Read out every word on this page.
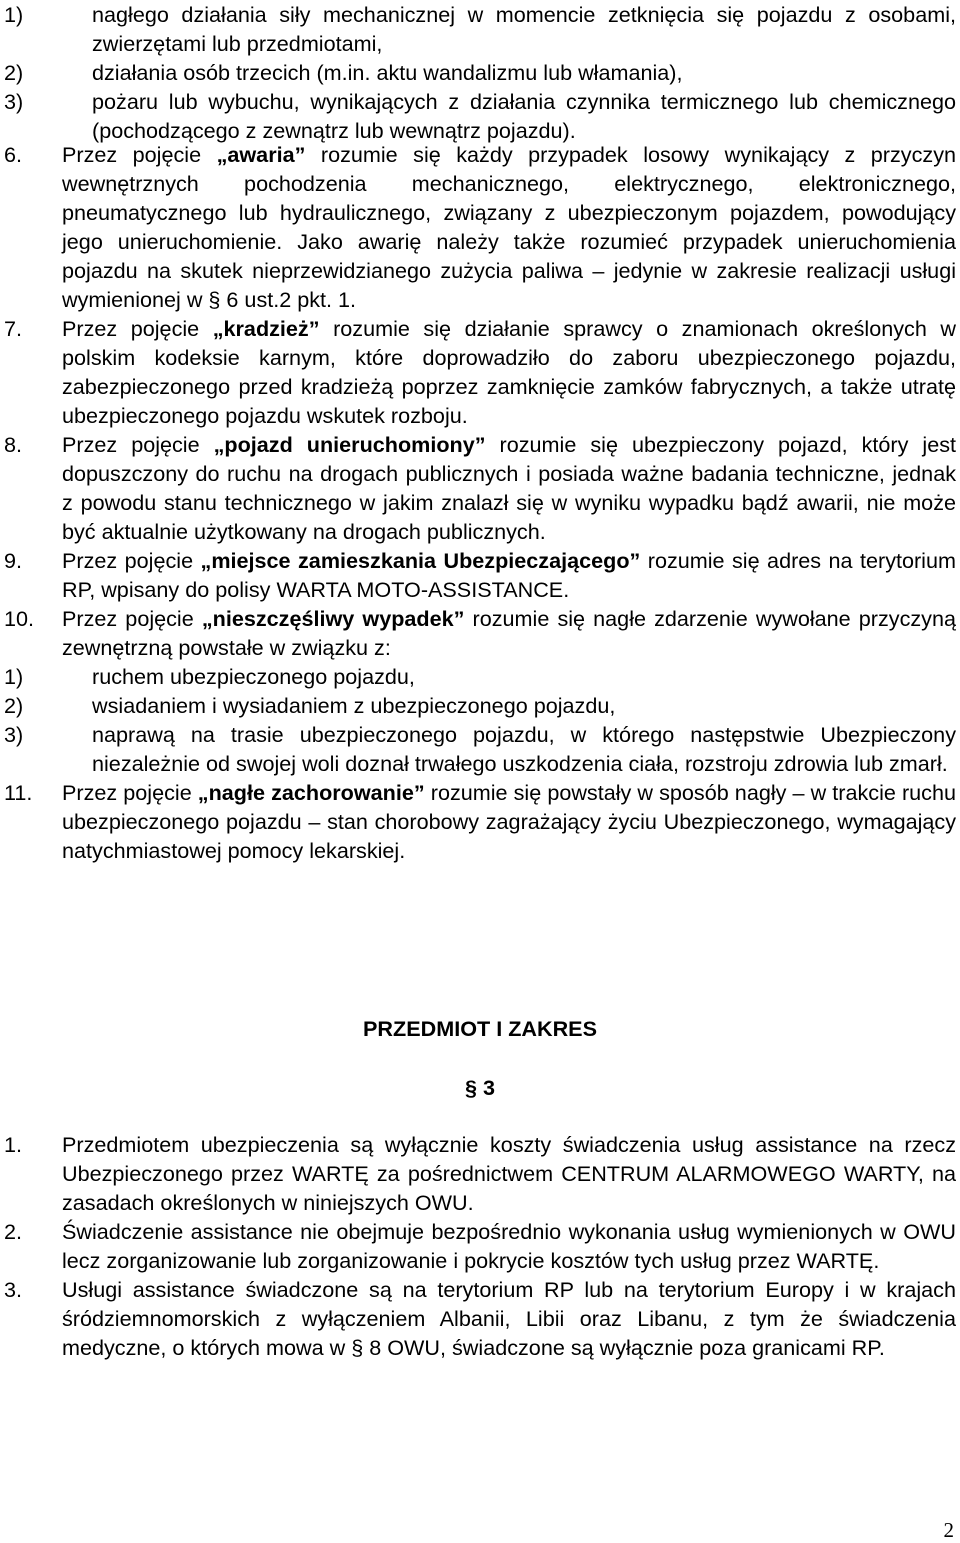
1)	nagłego działania siły mechanicznej w momencie zetknięcia się pojazdu z osobami, zwierzętami lub przedmiotami,
2)	działania osób trzecich (m.in. aktu wandalizmu lub włamania),
3)	pożaru lub wybuchu, wynikających z działania czynnika termicznego lub chemicznego (pochodzącego z zewnątrz lub wewnątrz pojazdu).
6. Przez pojęcie „awaria” rozumie się każdy przypadek losowy wynikający z przyczyn wewnętrznych pochodzenia mechanicznego, elektrycznego, elektronicznego, pneumatycznego lub hydraulicznego, związany z ubezpieczonym pojazdem, powodujący jego unieruchomienie. Jako awarię należy także rozumieć przypadek unieruchomienia pojazdu na skutek nieprzewidzianego zużycia paliwa – jedynie w zakresie realizacji usługi wymienionej w § 6 ust.2 pkt. 1.
7. Przez pojęcie „kradzież” rozumie się działanie sprawcy o znamionach określonych w polskim kodeksie karnym, które doprowadziło do zaboru ubezpieczonego pojazdu, zabezpieczonego przed kradzieżą poprzez zamknięcie zamków fabrycznych, a także utratę ubezpieczonego pojazdu wskutek rozboju.
8. Przez pojęcie „pojazd unieruchomiony” rozumie się ubezpieczony pojazd, który jest dopuszczony do ruchu na drogach publicznych i posiada ważne badania techniczne, jednak z powodu stanu technicznego w jakim znalazł się w wyniku wypadku bądź awarii, nie może być aktualnie użytkowany na drogach publicznych.
9. Przez pojęcie „miejsce zamieszkania Ubezpieczającego” rozumie się adres na terytorium RP, wpisany do polisy WARTA MOTO-ASSISTANCE.
10. Przez pojęcie „nieszczęśliwy wypadek” rozumie się nagłe zdarzenie wywołane przyczyną zewnętrzną powstałe w związku z:
1)	ruchem ubezpieczonego pojazdu,
2)	wsiadaniem i wysiadaniem z ubezpieczonego pojazdu,
3)	naprawą na trasie ubezpieczonego pojazdu, w którego następstwie Ubezpieczony niezależnie od swojej woli doznał trwałego uszkodzenia ciała, rozstroju zdrowia lub zmarł.
11. Przez pojęcie „nagłe zachorowanie” rozumie się powstały w sposób nagły – w trakcie ruchu ubezpieczonego pojazdu – stan chorobowy zagrażający życiu Ubezpieczonego, wymagający natychmiastowej pomocy lekarskiej.
PRZEDMIOT I ZAKRES
§ 3
1. Przedmiotem ubezpieczenia są wyłącznie koszty świadczenia usług assistance na rzecz Ubezpieczonego przez WARTĘ za pośrednictwem CENTRUM ALARMOWEGO WARTY, na zasadach określonych w niniejszych OWU.
2. Świadczenie assistance nie obejmuje bezpośrednio wykonania usług wymienionych w OWU lecz zorganizowanie lub zorganizowanie i pokrycie kosztów tych usług przez WARTĘ.
3. Usługi assistance świadczone są na terytorium RP lub na terytorium Europy i w krajach śródziemnomorskich z wyłączeniem Albanii, Libii oraz Libanu, z tym że świadczenia medyczne, o których mowa w § 8 OWU, świadczone są wyłącznie poza granicami RP.
2
